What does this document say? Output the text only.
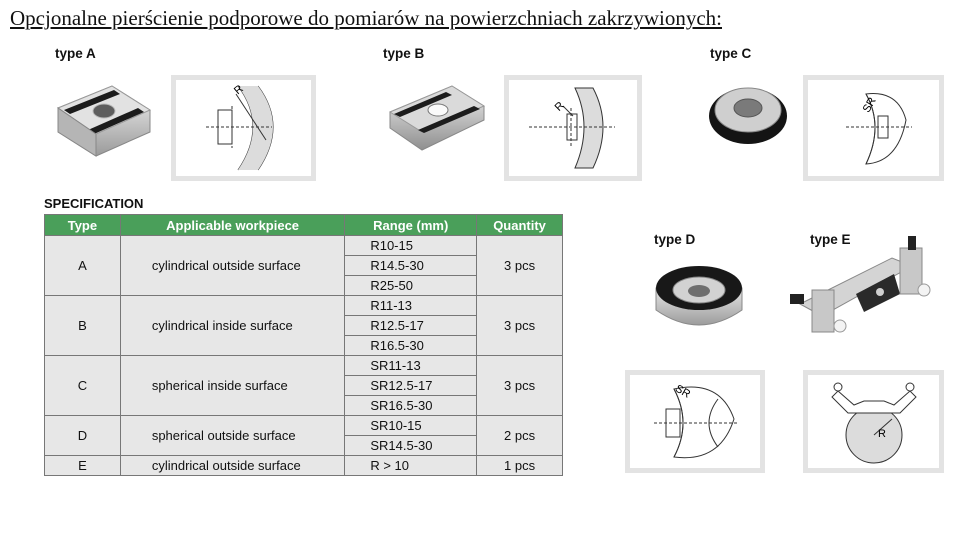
Opcjonalne pierścienie podporowe do pomiarów na powierzchniach zakrzywionych:
type A
R
type B
R
type C
SR
SPECIFICATION
Type	Applicable workpiece	Range (mm)	Quantity
A	cylindrical outside surface	R10-15	3 pcs
		R14.5-30	
		R25-50	
B	cylindrical inside surface	R11-13	3 pcs
		R12.5-17	
		R16.5-30	
C	spherical inside surface	SR11-13	3 pcs
		SR12.5-17	
		SR16.5-30	
D	spherical outside surface	SR10-15	2 pcs
		SR14.5-30	
E	cylindrical outside surface	R > 10	1 pcs
type D	type E
SR
R
